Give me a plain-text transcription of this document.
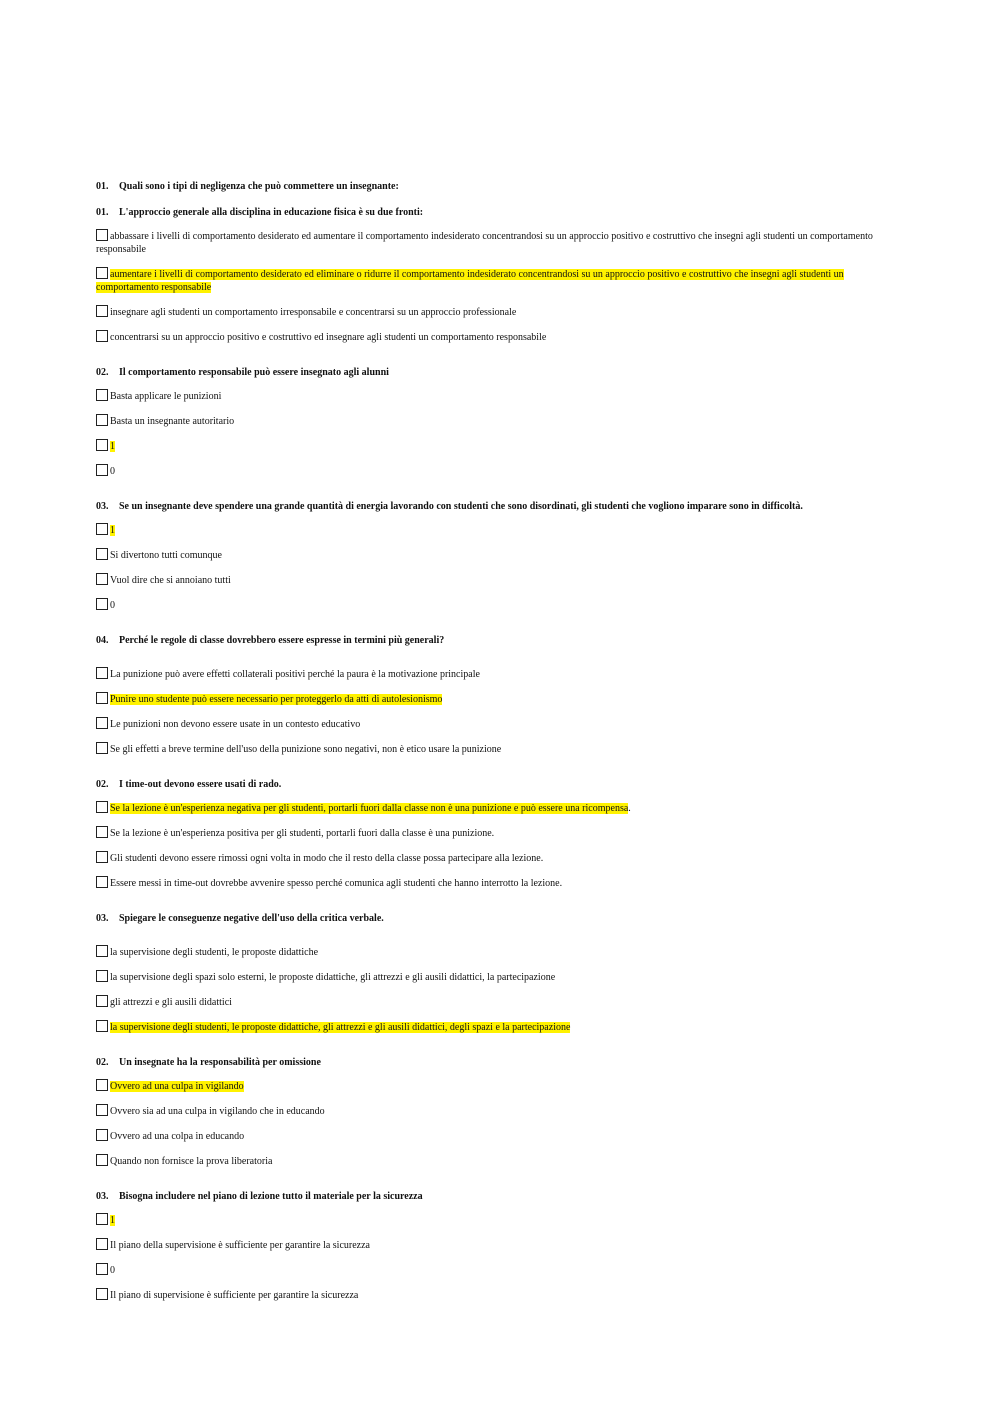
01. Quali sono i tipi di negligenza che può commettere un insegnante:
01. L'approccio generale alla disciplina in educazione fisica è su due fronti:
abbassare i livelli di comportamento desiderato ed aumentare il comportamento indesiderato concentrandosi su un approccio positivo e costruttivo che insegni agli studenti un comportamento responsabile
aumentare i livelli di comportamento desiderato ed eliminare o ridurre il comportamento indesiderato concentrandosi su un approccio positivo e costruttivo che insegni agli studenti un comportamento responsabile
insegnare agli studenti un comportamento irresponsabile e concentrarsi su un approccio professionale
concentrarsi su un approccio positivo e costruttivo ed insegnare agli studenti un comportamento responsabile
02. Il comportamento responsabile può essere insegnato agli alunni
Basta applicare le punizioni
Basta un insegnante autoritario
1
0
03. Se un insegnante deve spendere una grande quantità di energia lavorando con studenti che sono disordinati, gli studenti che vogliono imparare sono in difficoltà.
1
Si divertono tutti comunque
Vuol dire che si annoiano tutti
0
04. Perché le regole di classe dovrebbero essere espresse in termini più generali?
La punizione può avere effetti collaterali positivi perché la paura è la motivazione principale
Punire uno studente può essere necessario per proteggerlo da atti di autolesionismo
Le punizioni non devono essere usate in un contesto educativo
Se gli effetti a breve termine dell'uso della punizione sono negativi, non è etico usare la punizione
02. I time-out devono essere usati di rado.
Se la lezione è un'esperienza negativa per gli studenti, portarli fuori dalla classe non è una punizione e può essere una ricompensa.
Se la lezione è un'esperienza positiva per gli studenti, portarli fuori dalla classe è una punizione.
Gli studenti devono essere rimossi ogni volta in modo che il resto della classe possa partecipare alla lezione.
Essere messi in time-out dovrebbe avvenire spesso perché comunica agli studenti che hanno interrotto la lezione.
03. Spiegare le conseguenze negative dell'uso della critica verbale.
la supervisione degli studenti, le proposte didattiche
la supervisione degli spazi solo esterni, le proposte didattiche, gli attrezzi e gli ausili didattici, la partecipazione
gli attrezzi e gli ausili didattici
la supervisione degli studenti, le proposte didattiche, gli attrezzi e gli ausili didattici, degli spazi e la partecipazione
02. Un insegnate ha la responsabilità per omissione
Ovvero ad una culpa in vigilando
Ovvero sia ad una culpa in vigilando che in educando
Ovvero ad una colpa in educando
Quando non fornisce la prova liberatoria
03. Bisogna includere nel piano di lezione tutto il materiale per la sicurezza
1
Il piano della supervisione è sufficiente per garantire la sicurezza
0
Il piano di supervisione è sufficiente per garantire la sicurezza
